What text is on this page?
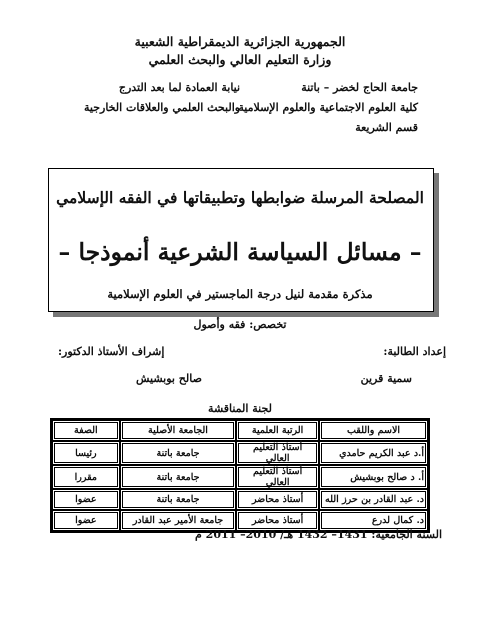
الجمهورية الجزائرية الديمقراطية الشعبية
وزارة التعليم العالي والبحث العلمي
جامعة الحاج لخضر – باتنة
كلية العلوم الاجتماعية والعلوم الإسلامية
قسم الشريعة
نيابة العمادة لما بعد التدرج
والبحث العلمي والعلاقات الخارجية
المصلحة المرسلة ضوابطها وتطبيقاتها في الفقه الإسلامي
– مسائل السياسة الشرعية أنموذجا –
مذكرة مقدمة لنيل درجة الماجستير في العلوم الإسلامية
تخصص: فقه وأصول
إعداد الطالبة:
إشراف الأستاذ الدكتور:
سمية قرين
صالح بوبشيش
لجنة المناقشة
الاسم واللقب	الرتبة العلمية	الجامعة الأصلية	الصفة
أ.د عبد الكريم حامدي	أستاذ التعليم العالي	جامعة باتنة	رئيسا
أ. د صالح بوبشيش	أستاذ التعليم العالي	جامعة باتنة	مقررا
د. عبد القادر بن حرز الله	أستاذ محاضر	جامعة باتنة	عضوا
د. كمال لدرع	أستاذ محاضر	جامعة الأمير عبد القادر	عضوا
السنة الجامعية: 1431– 1432 هـ/ 2010– 2011 م
